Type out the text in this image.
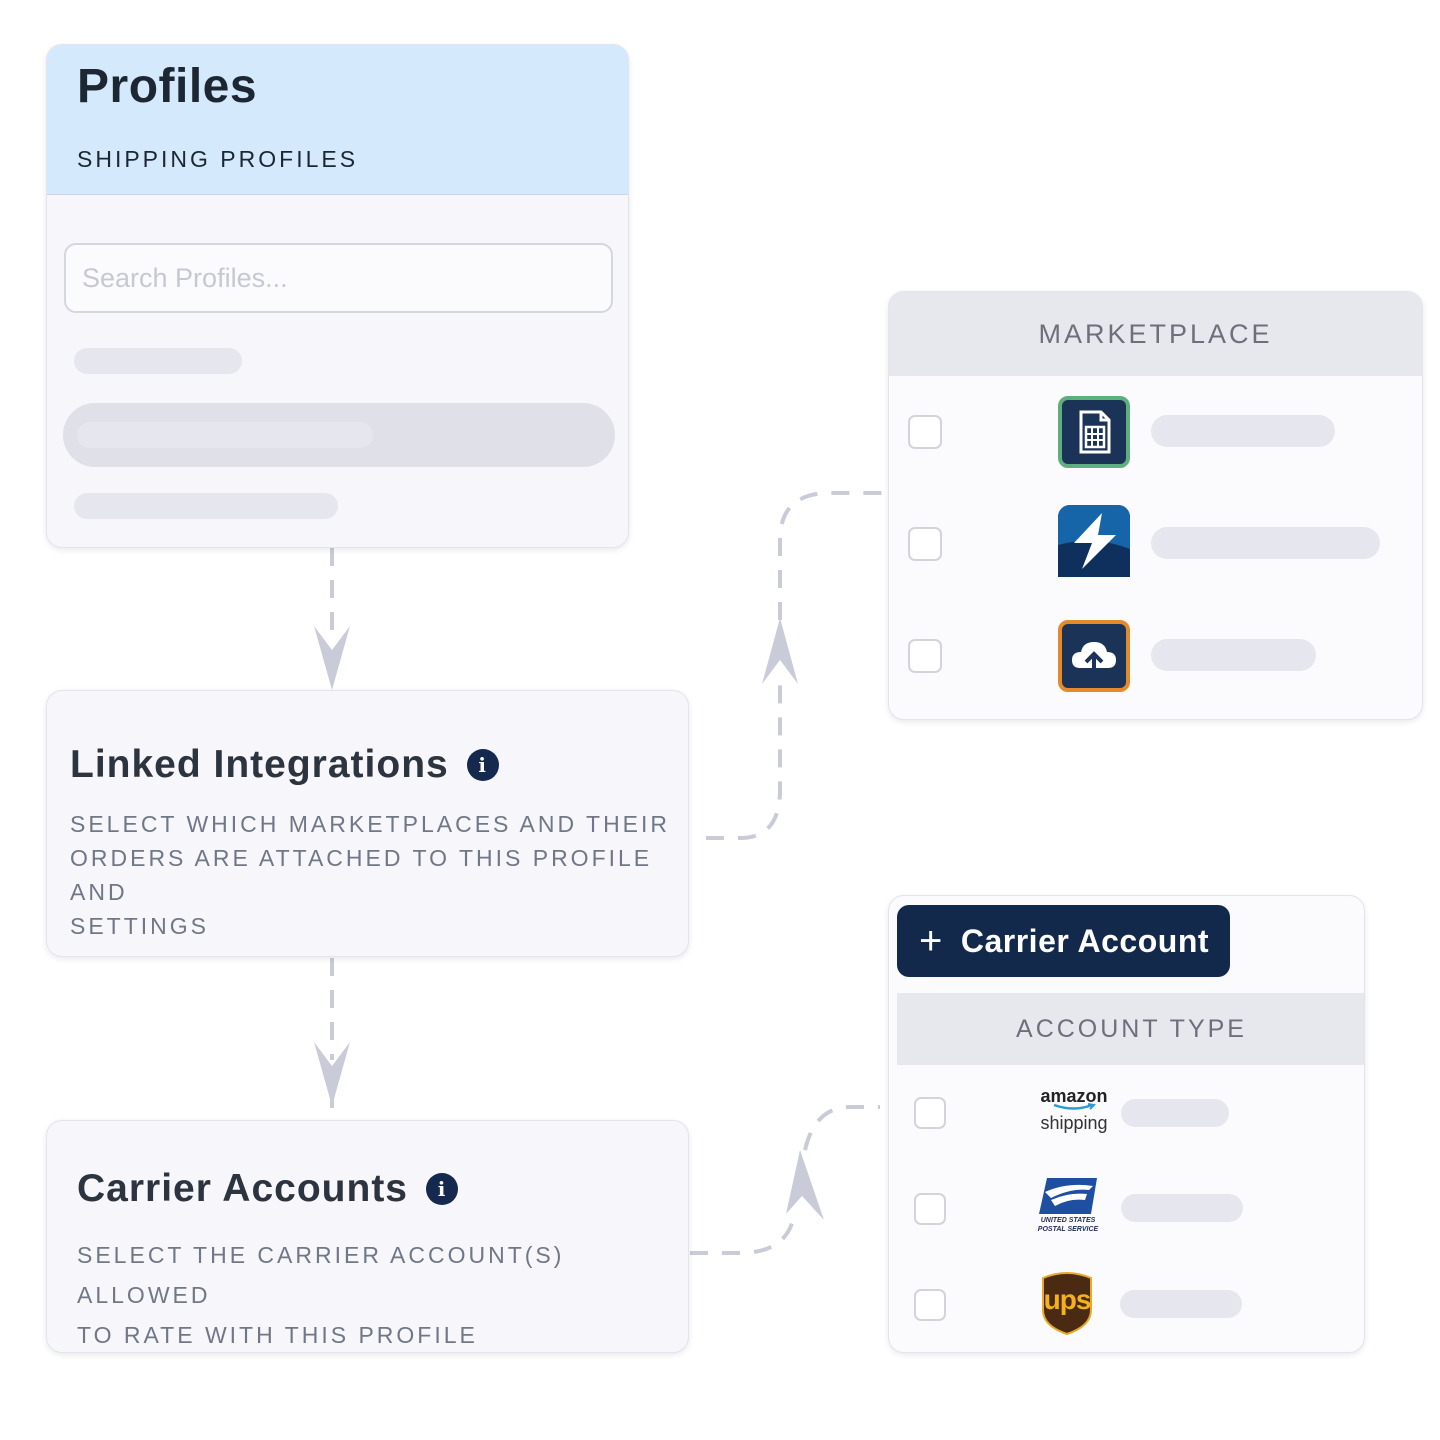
Profiles
SHIPPING PROFILES
Search Profiles...
Linked Integrations	i
SELECT WHICH MARKETPLACES AND THEIR
ORDERS ARE ATTACHED TO THIS PROFILE AND
SETTINGS
Carrier Accounts	i
SELECT THE CARRIER ACCOUNT(S) ALLOWED
TO RATE WITH THIS PROFILE
MARKETPLACE
+ Carrier Account
ACCOUNT TYPE
amazon
shipping
UNITED STATES
POSTAL SERVICE
ups
